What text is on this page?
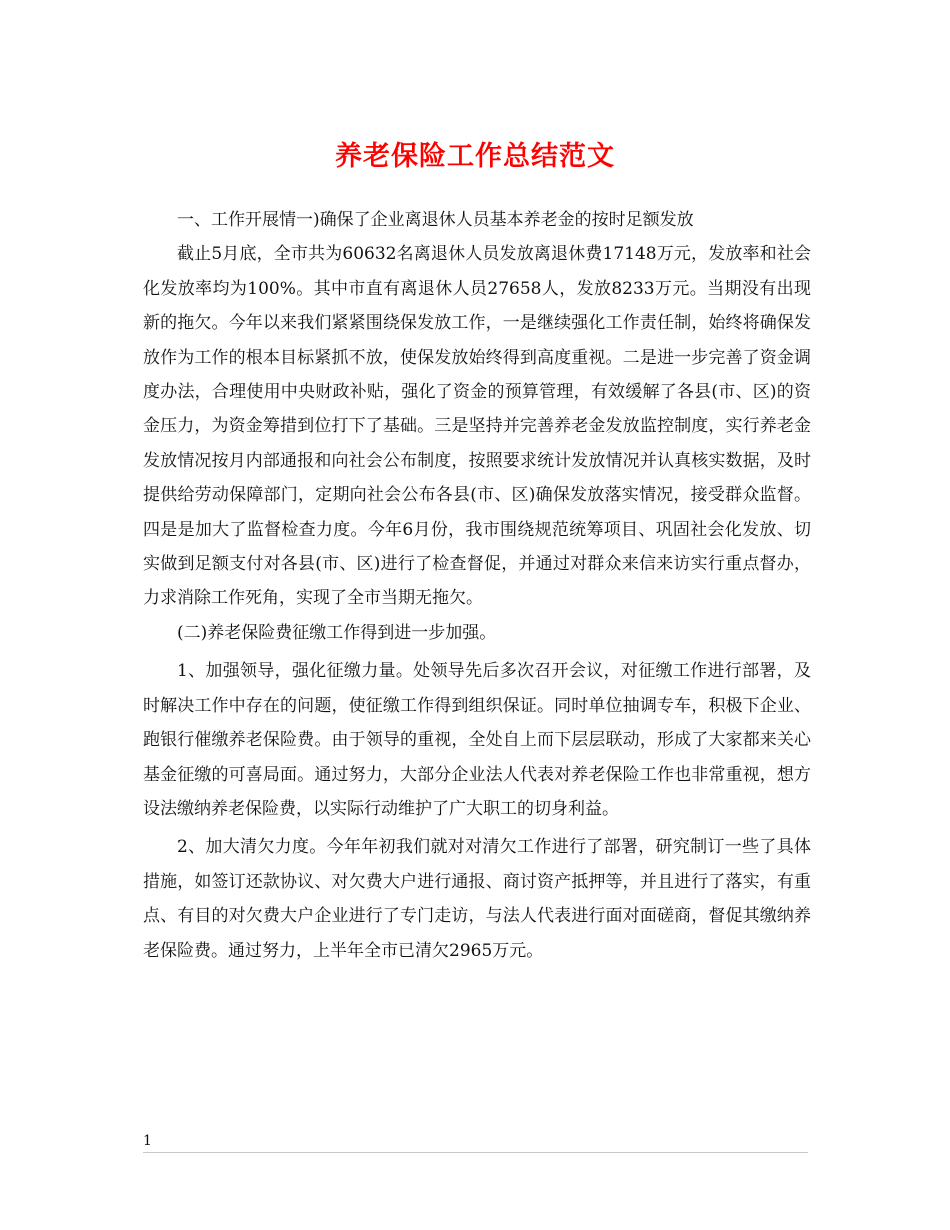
养老保险工作总结范文

一、工作开展情一)确保了企业离退休人员基本养老金的按时足额发放

截止5月底，全市共为60632名离退休人员发放离退休费17148万元，发放率和社会化发放率均为100%。其中市直有离退休人员27658人，发放8233万元。当期没有出现新的拖欠。今年以来我们紧紧围绕保发放工作，一是继续强化工作责任制，始终将确保发放作为工作的根本目标紧抓不放，使保发放始终得到高度重视。二是进一步完善了资金调度办法，合理使用中央财政补贴，强化了资金的预算管理，有效缓解了各县(市、区)的资金压力，为资金筹措到位打下了基础。三是坚持并完善养老金发放监控制度，实行养老金发放情况按月内部通报和向社会公布制度，按照要求统计发放情况并认真核实数据，及时提供给劳动保障部门，定期向社会公布各县(市、区)确保发放落实情况，接受群众监督。四是是加大了监督检查力度。今年6月份，我市围绕规范统筹项目、巩固社会化发放、切实做到足额支付对各县(市、区)进行了检查督促，并通过对群众来信来访实行重点督办，力求消除工作死角，实现了全市当期无拖欠。

(二)养老保险费征缴工作得到进一步加强。

1、加强领导，强化征缴力量。处领导先后多次召开会议，对征缴工作进行部署，及时解决工作中存在的问题，使征缴工作得到组织保证。同时单位抽调专车，积极下企业、跑银行催缴养老保险费。由于领导的重视，全处自上而下层层联动，形成了大家都来关心基金征缴的可喜局面。通过努力，大部分企业法人代表对养老保险工作也非常重视，想方设法缴纳养老保险费，以实际行动维护了广大职工的切身利益。

2、加大清欠力度。今年年初我们就对对清欠工作进行了部署，研究制订一些了具体措施，如签订还款协议、对欠费大户进行通报、商讨资产抵押等，并且进行了落实，有重点、有目的对欠费大户企业进行了专门走访，与法人代表进行面对面磋商，督促其缴纳养老保险费。通过努力，上半年全市已清欠2965万元。

1
